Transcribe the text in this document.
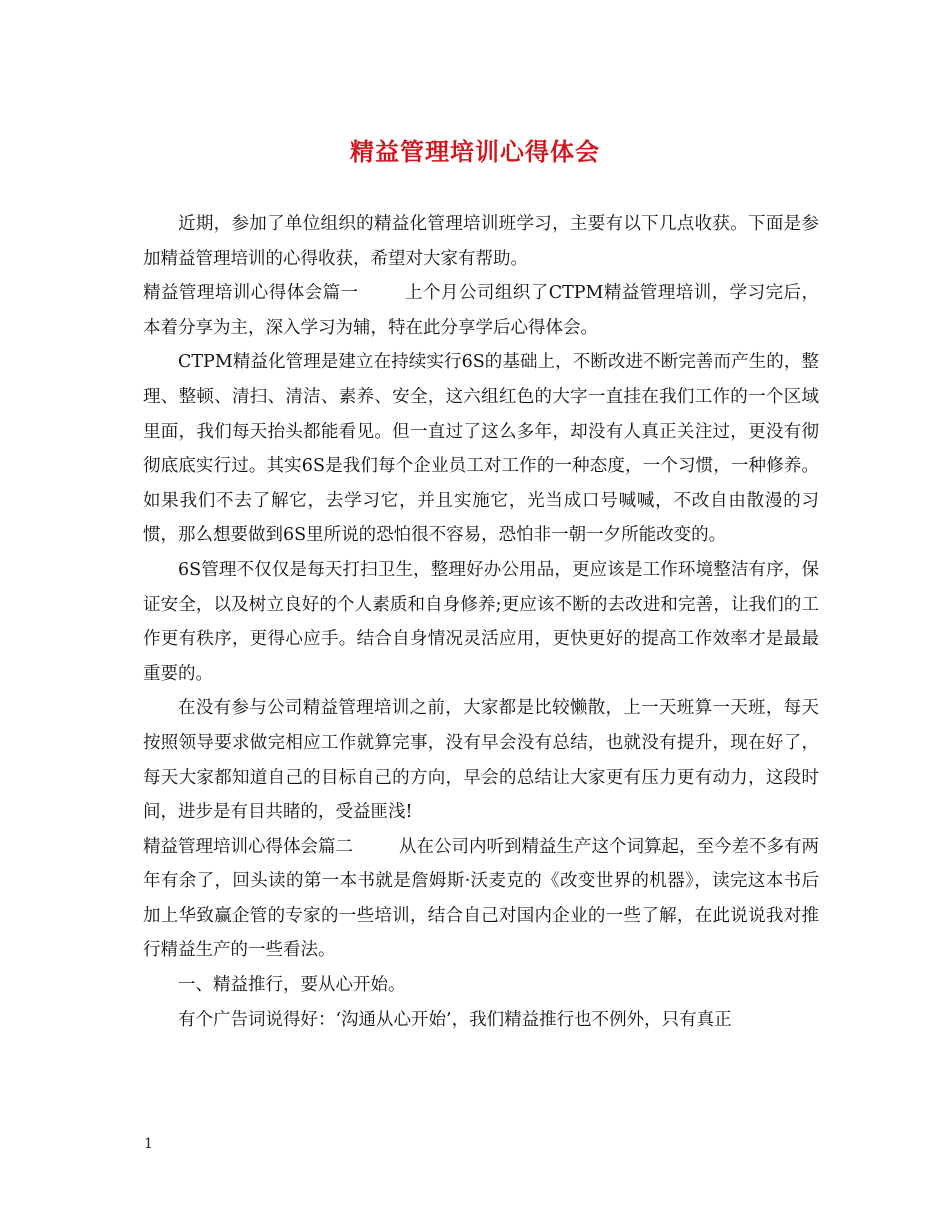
精益管理培训心得体会

近期，参加了单位组织的精益化管理培训班学习，主要有以下几点收获。下面是参加精益管理培训的心得收获，希望对大家有帮助。

精益管理培训心得体会篇一	上个月公司组织了CTPM精益管理培训，学习完后，本着分享为主，深入学习为辅，特在此分享学后心得体会。

CTPM精益化管理是建立在持续实行6S的基础上，不断改进不断完善而产生的，整理、整顿、清扫、清洁、素养、安全，这六组红色的大字一直挂在我们工作的一个区域里面，我们每天抬头都能看见。但一直过了这么多年，却没有人真正关注过，更没有彻彻底底实行过。其实6S是我们每个企业员工对工作的一种态度，一个习惯，一种修养。如果我们不去了解它，去学习它，并且实施它，光当成口号喊喊，不改自由散漫的习惯，那么想要做到6S里所说的恐怕很不容易，恐怕非一朝一夕所能改变的。

6S管理不仅仅是每天打扫卫生，整理好办公用品，更应该是工作环境整洁有序，保证安全，以及树立良好的个人素质和自身修养;更应该不断的去改进和完善，让我们的工作更有秩序，更得心应手。结合自身情况灵活应用，更快更好的提高工作效率才是最最重要的。

在没有参与公司精益管理培训之前，大家都是比较懒散，上一天班算一天班，每天按照领导要求做完相应工作就算完事，没有早会没有总结，也就没有提升，现在好了，每天大家都知道自己的目标自己的方向，早会的总结让大家更有压力更有动力，这段时间，进步是有目共睹的，受益匪浅!

精益管理培训心得体会篇二	从在公司内听到精益生产这个词算起，至今差不多有两年有余了，回头读的第一本书就是詹姆斯·沃麦克的《改变世界的机器》，读完这本书后加上华致赢企管的专家的一些培训，结合自己对国内企业的一些了解，在此说说我对推行精益生产的一些看法。

一、精益推行，要从心开始。

有个广告词说得好：‘沟通从心开始’，我们精益推行也不例外，只有真正

1
